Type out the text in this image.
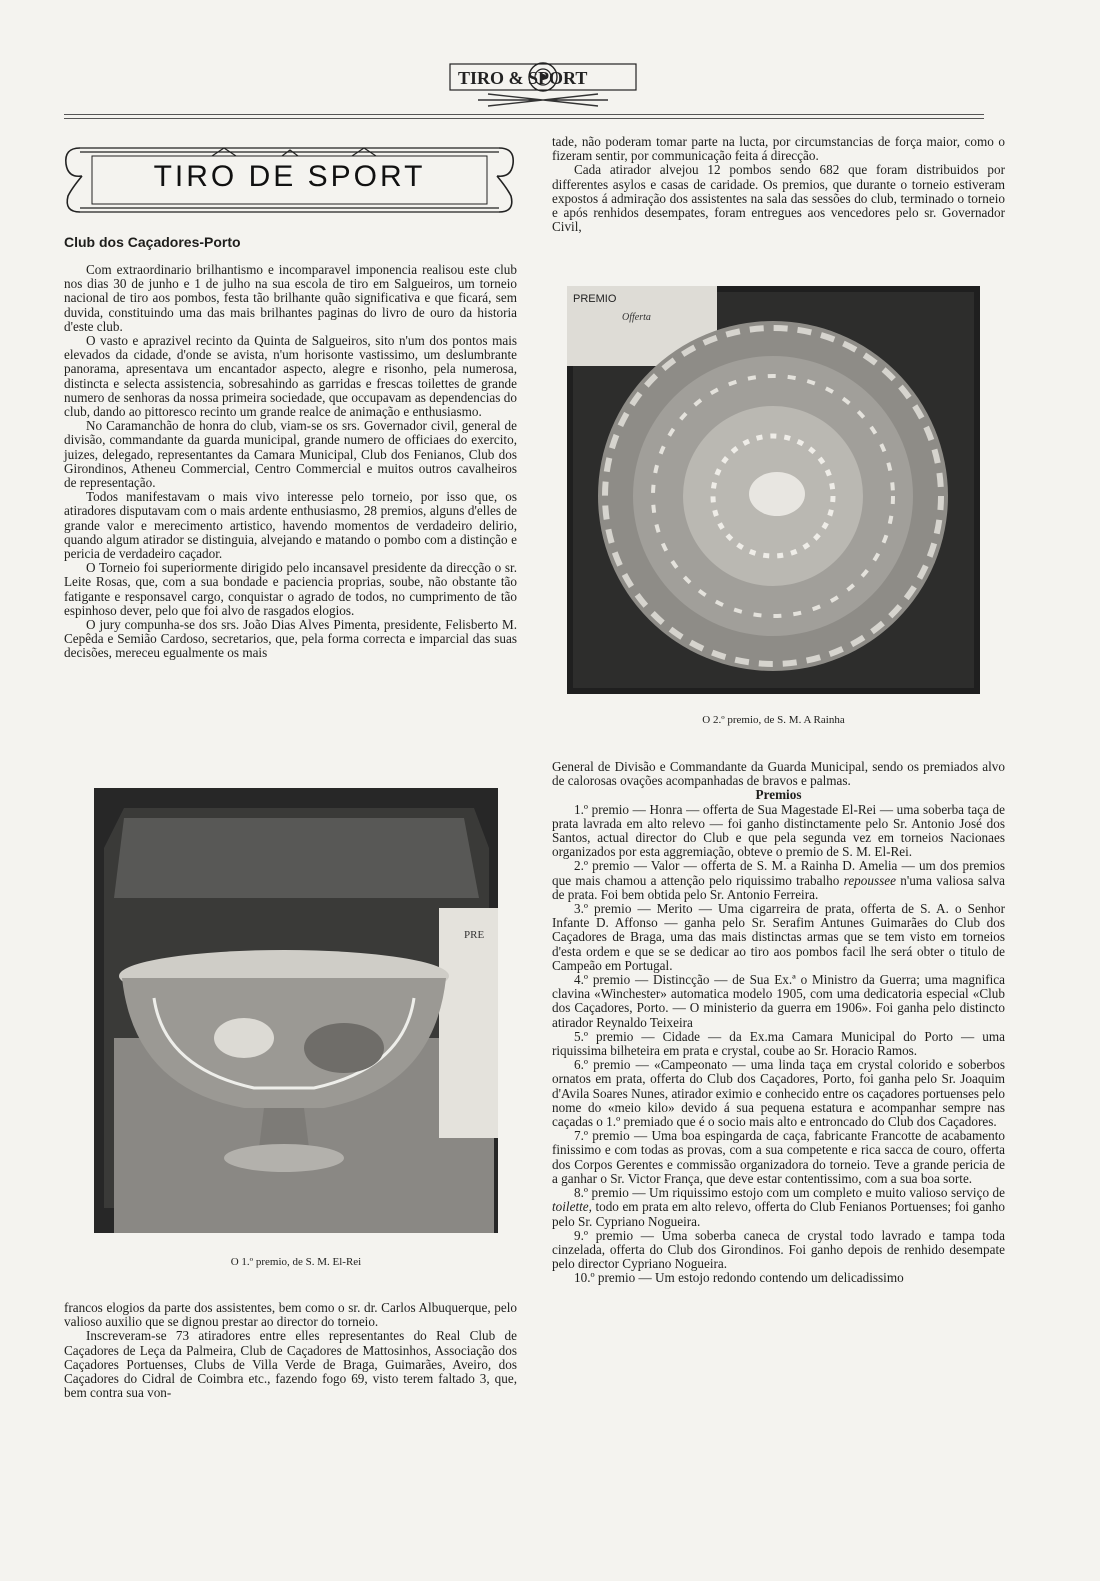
TIRO & SPORT
TIRO DE SPORT
Club dos Caçadores-Porto

Com extraordinario brilhantismo e incomparavel imponencia realisou este club nos dias 30 de junho e 1 de julho na sua escola de tiro em Salgueiros, um torneio nacional de tiro aos pombos, festa tão brilhante quão significativa e que ficará, sem duvida, constituindo uma das mais brilhantes paginas do livro de ouro da historia d'este club.

O vasto e aprazivel recinto da Quinta de Salgueiros, sito n'um dos pontos mais elevados da cidade, d'onde se avista, n'um horisonte vastissimo, um deslumbrante panorama, apresentava um encantador aspecto, alegre e risonho, pela numerosa, distincta e selecta assistencia, sobresahindo as garridas e frescas toilettes de grande numero de senhoras da nossa primeira sociedade, que occupavam as dependencias do club, dando ao pittoresco recinto um grande realce de animação e enthusiasmo.

No Caramanchão de honra do club, viam-se os srs. Governador civil, general de divisão, commandante da guarda municipal, grande numero de officiaes do exercito, juizes, delegado, representantes da Camara Municipal, Club dos Fenianos, Club dos Girondinos, Atheneu Commercial, Centro Commercial e muitos outros cavalheiros de representação.

Todos manifestavam o mais vivo interesse pelo torneio, por isso que, os atiradores disputavam com o mais ardente enthusiasmo, 28 premios, alguns d'elles de grande valor e merecimento artistico, havendo momentos de verdadeiro delirio, quando algum atirador se distinguia, alvejando e matando o pombo com a distinção e pericia de verdadeiro caçador.

O Torneio foi superiormente dirigido pelo incansavel presidente da direcção o sr. Leite Rosas, que, com a sua bondade e paciencia proprias, soube, não obstante tão fatigante e responsavel cargo, conquistar o agrado de todos, no cumprimento de tão espinhoso dever, pelo que foi alvo de rasgados elogios.

O jury compunha-se dos srs. João Dias Alves Pimenta, presidente, Felisberto M. Cepêda e Semião Cardoso, secretarios, que, pela forma correcta e imparcial das suas decisões, mereceu egualmente os mais

PRE
O 1.º premio, de S. M. El-Rei

francos elogios da parte dos assistentes, bem como o sr. dr. Carlos Albuquerque, pelo valioso auxilio que se dignou prestar ao director do torneio.

Inscreveram-se 73 atiradores entre elles representantes do Real Club de Caçadores de Leça da Palmeira, Club de Caçadores de Mattosinhos, Associação dos Caçadores Portuenses, Clubs de Villa Verde de Braga, Guimarães, Aveiro, dos Caçadores do Cidral de Coimbra etc., fazendo fogo 69, visto terem faltado 3, que, bem contra sua von-

tade, não poderam tomar parte na lucta, por circumstancias de força maior, como o fizeram sentir, por communicação feita á direcção.

Cada atirador alvejou 12 pombos sendo 682 que foram distribuidos por differentes asylos e casas de caridade. Os premios, que durante o torneio estiveram expostos á admiração dos assistentes na sala das sessões do club, terminado o torneio e após renhidos desempates, foram entregues aos vencedores pelo sr. Governador Civil,

PREMIO
Offerta
O 2.º premio, de S. M. A Rainha

General de Divisão e Commandante da Guarda Municipal, sendo os premiados alvo de calorosas ovações acompanhadas de bravos e palmas.

Premios

1.º premio — Honra — offerta de Sua Magestade El-Rei — uma soberba taça de prata lavrada em alto relevo — foi ganho distinctamente pelo Sr. Antonio José dos Santos, actual director do Club e que pela segunda vez em torneios Nacionaes organizados por esta aggremiação, obteve o premio de S. M. El-Rei.

2.º premio — Valor — offerta de S. M. a Rainha D. Amelia — um dos premios que mais chamou a attenção pelo riquissimo trabalho repoussee n'uma valiosa salva de prata. Foi bem obtida pelo Sr. Antonio Ferreira.

3.º premio — Merito — Uma cigarreira de prata, offerta de S. A. o Senhor Infante D. Affonso — ganha pelo Sr. Serafim Antunes Guimarães do Club dos Caçadores de Braga, uma das mais distinctas armas que se tem visto em torneios d'esta ordem e que se se dedicar ao tiro aos pombos facil lhe será obter o titulo de Campeão em Portugal.

4.º premio — Distincção — de Sua Ex.ª o Ministro da Guerra; uma magnifica clavina «Winchester» automatica modelo 1905, com uma dedicatoria especial «Club dos Caçadores, Porto. — O ministerio da guerra em 1906». Foi ganha pelo distincto atirador Reynaldo Teixeira

5.º premio — Cidade — da Ex.ma Camara Municipal do Porto — uma riquissima bilheteira em prata e crystal, coube ao Sr. Horacio Ramos.

6.º premio — «Campeonato — uma linda taça em crystal colorido e soberbos ornatos em prata, offerta do Club dos Caçadores, Porto, foi ganha pelo Sr. Joaquim d'Avila Soares Nunes, atirador eximio e conhecido entre os caçadores portuenses pelo nome do «meio kilo» devido á sua pequena estatura e acompanhar sempre nas caçadas o 1.º premiado que é o socio mais alto e entroncado do Club dos Caçadores.

7.º premio — Uma boa espingarda de caça, fabricante Francotte de acabamento finissimo e com todas as provas, com a sua competente e rica sacca de couro, offerta dos Corpos Gerentes e commissão organizadora do torneio. Teve a grande pericia de a ganhar o Sr. Victor França, que deve estar contentissimo, com a sua boa sorte.

8.º premio — Um riquissimo estojo com um completo e muito valioso serviço de toilette, todo em prata em alto relevo, offerta do Club Fenianos Portuenses; foi ganho pelo Sr. Cypriano Nogueira.

9.º premio — Uma soberba caneca de crystal todo lavrado e tampa toda cinzelada, offerta do Club dos Girondinos. Foi ganho depois de renhido desempate pelo director Cypriano Nogueira.

10.º premio — Um estojo redondo contendo um delicadissimo
